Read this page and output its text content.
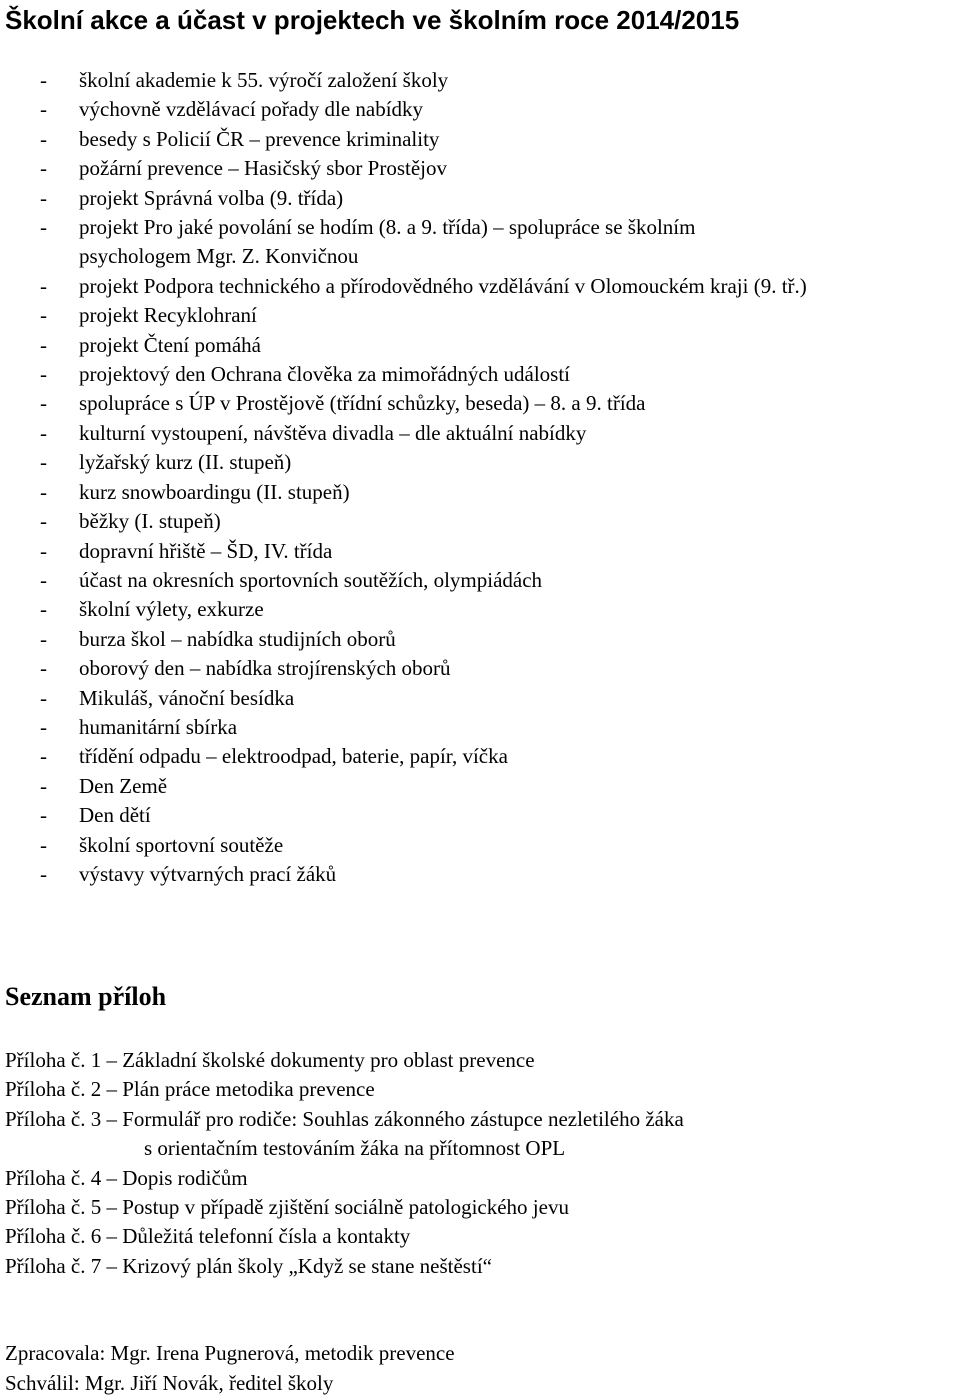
Školní akce a účast v projektech ve školním roce 2014/2015
- školní akademie k 55. výročí založení školy
- výchovně vzdělávací pořady dle nabídky
- besedy s Policií ČR – prevence kriminality
- požární prevence – Hasičský sbor Prostějov
- projekt Správná volba (9. třída)
- projekt Pro jaké povolání se hodím (8. a 9. třída) – spolupráce se školním
psychologem Mgr. Z. Konvičnou
- projekt Podpora technického a přírodovědného vzdělávání v Olomouckém kraji (9. tř.)
- projekt Recyklohraní
- projekt Čtení pomáhá
- projektový den Ochrana člověka za mimořádných událostí
- spolupráce s ÚP v Prostějově (třídní schůzky, beseda) – 8. a 9. třída
- kulturní vystoupení, návštěva divadla – dle aktuální nabídky
- lyžařský kurz (II. stupeň)
- kurz snowboardingu (II. stupeň)
- běžky (I. stupeň)
- dopravní hřiště – ŠD, IV. třída
- účast na okresních sportovních soutěžích, olympiádách
- školní výlety, exkurze
- burza škol – nabídka studijních oborů
- oborový den – nabídka strojírenských oborů
- Mikuláš, vánoční besídka
- humanitární sbírka
- třídění odpadu – elektroodpad, baterie, papír, víčka
- Den Země
- Den dětí
- školní sportovní soutěže
- výstavy výtvarných prací žáků
Seznam příloh
Příloha č. 1 – Základní školské dokumenty pro oblast prevence
Příloha č. 2 – Plán práce metodika prevence
Příloha č. 3 – Formulář pro rodiče: Souhlas zákonného zástupce nezletilého žáka
s orientačním testováním žáka na přítomnost OPL
Příloha č. 4 – Dopis rodičům
Příloha č. 5 – Postup v případě zjištění sociálně patologického jevu
Příloha č. 6 – Důležitá telefonní čísla a kontakty
Příloha č. 7 – Krizový plán školy „Když se stane neštěstí“
Zpracovala: Mgr. Irena Pugnerová, metodik prevence
Schválil: Mgr. Jiří Novák, ředitel školy
